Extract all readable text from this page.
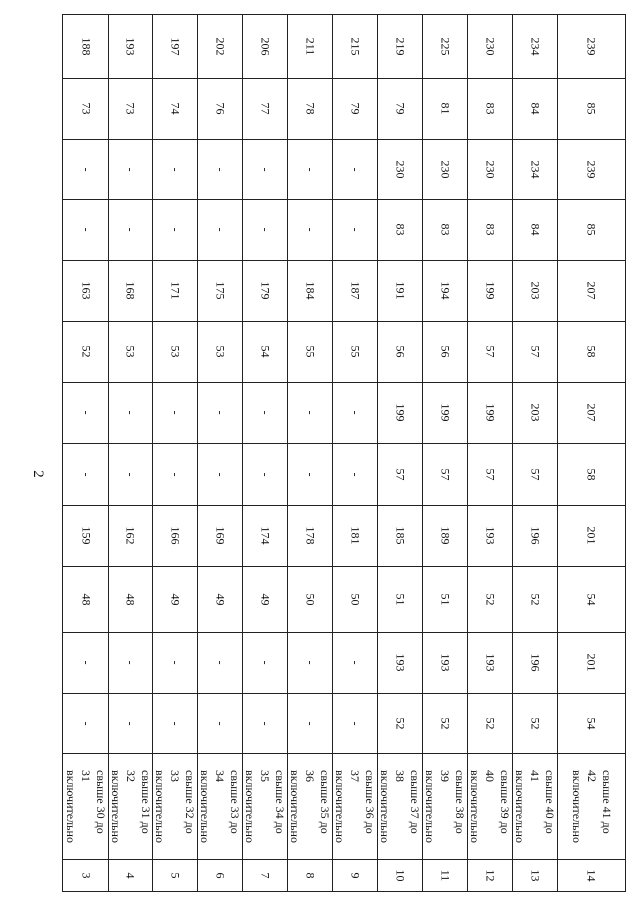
2
3
свыше 30 до 31 включительно
-
-
48
159
-
-
52
163
-
-
73
188
4
свыше 31 до 32 включительно
-
-
48
162
-
-
53
168
-
-
73
193
5
свыше 32 до 33 включительно
-
-
49
166
-
-
53
171
-
-
74
197
6
свыше 33 до 34 включительно
-
-
49
169
-
-
53
175
-
-
76
202
7
свыше 34 до 35 включительно
-
-
49
174
-
-
54
179
-
-
77
206
8
свыше 35 до 36 включительно
-
-
50
178
-
-
55
184
-
-
78
211
9
свыше 36 до 37 включительно
-
-
50
181
-
-
55
187
-
-
79
215
10
свыше 37 до 38 включительно
52
193
51
185
57
199
56
191
83
230
79
219
11
свыше 38 до 39 включительно
52
193
51
189
57
199
56
194
83
230
81
225
12
свыше 39 до 40 включительно
52
193
52
193
57
199
57
199
83
230
83
230
13
свыше 40 до 41 включительно
52
196
52
196
57
203
57
203
84
234
84
234
14
свыше 41 до 42 включительно
54
201
54
201
58
207
58
207
85
239
85
239
